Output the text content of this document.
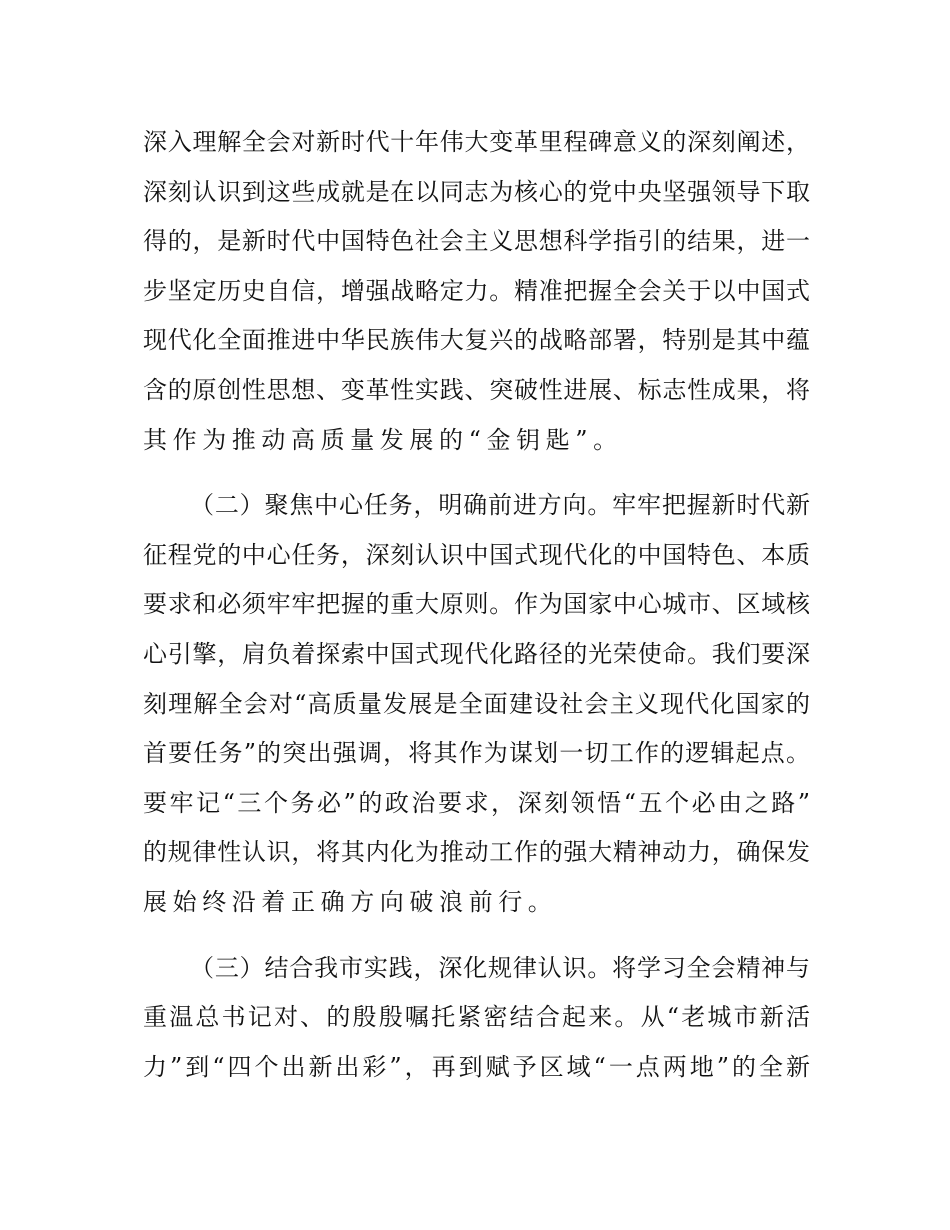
深入理解全会对新时代十年伟大变革里程碑意义的深刻阐述，
深刻认识到这些成就是在以同志为核心的党中央坚强领导下取
得的，是新时代中国特色社会主义思想科学指引的结果，进一
步坚定历史自信，增强战略定力。精准把握全会关于以中国式
现代化全面推进中华民族伟大复兴的战略部署，特别是其中蕴
含的原创性思想、变革性实践、突破性进展、标志性成果，将
其作为推动高质量发展的“金钥匙”。
（二）聚焦中心任务，明确前进方向。牢牢把握新时代新
征程党的中心任务，深刻认识中国式现代化的中国特色、本质
要求和必须牢牢把握的重大原则。作为国家中心城市、区域核
心引擎，肩负着探索中国式现代化路径的光荣使命。我们要深
刻理解全会对“高质量发展是全面建设社会主义现代化国家的
首要任务”的突出强调，将其作为谋划一切工作的逻辑起点。
要牢记“三个务必”的政治要求，深刻领悟“五个必由之路”
的规律性认识，将其内化为推动工作的强大精神动力，确保发
展始终沿着正确方向破浪前行。
（三）结合我市实践，深化规律认识。将学习全会精神与
重温总书记对、的殷殷嘱托紧密结合起来。从“老城市新活
力”到“四个出新出彩”，再到赋予区域“一点两地”的全新
